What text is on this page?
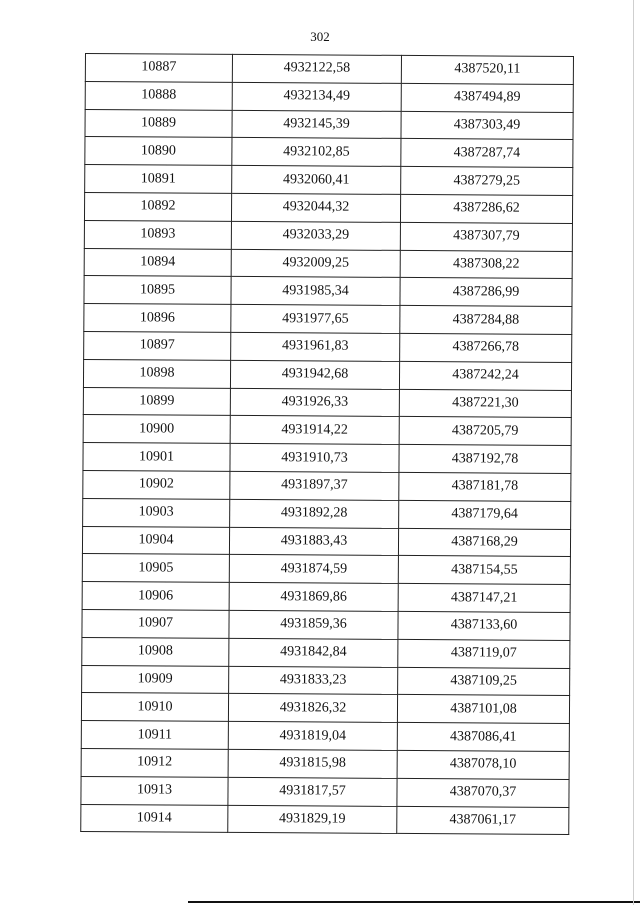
302
10887	4932122,58	4387520,11
10888	4932134,49	4387494,89
10889	4932145,39	4387303,49
10890	4932102,85	4387287,74
10891	4932060,41	4387279,25
10892	4932044,32	4387286,62
10893	4932033,29	4387307,79
10894	4932009,25	4387308,22
10895	4931985,34	4387286,99
10896	4931977,65	4387284,88
10897	4931961,83	4387266,78
10898	4931942,68	4387242,24
10899	4931926,33	4387221,30
10900	4931914,22	4387205,79
10901	4931910,73	4387192,78
10902	4931897,37	4387181,78
10903	4931892,28	4387179,64
10904	4931883,43	4387168,29
10905	4931874,59	4387154,55
10906	4931869,86	4387147,21
10907	4931859,36	4387133,60
10908	4931842,84	4387119,07
10909	4931833,23	4387109,25
10910	4931826,32	4387101,08
10911	4931819,04	4387086,41
10912	4931815,98	4387078,10
10913	4931817,57	4387070,37
10914	4931829,19	4387061,17
